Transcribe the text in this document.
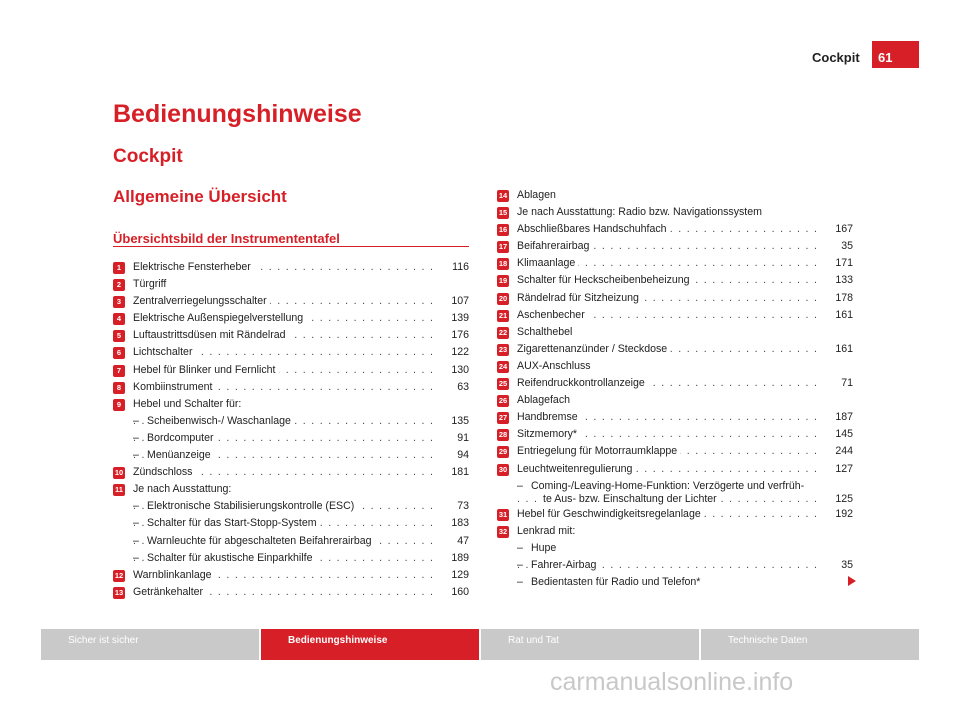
Cockpit	61
Bedienungshinweise
Cockpit
Allgemeine Übersicht
Übersichtsbild der Instrumententafel
1 . . .	Elektrische Fensterheber	116
2	Türgriff
3 . . .	Zentralverriegelungsschalter	107
4 . . .	Elektrische Außenspiegelverstellung	139
5 . . .	Luftaustrittsdüsen mit Rändelrad	176
6 . . .	Lichtschalter	122
7 . . .	Hebel für Blinker und Fernlicht	130
8 . . .	Kombiinstrument	63
9	Hebel und Schalter für:
. . .
– Scheibenwisch-/ Waschanlage	135
. . .
– Bordcomputer	91
. . .
– Menüanzeige	94
10 . . . Zündschloss	181
11 Je nach Ausstattung:
. . .
– Elektronische Stabilisierungskontrolle (ESC)	73
. . .
– Schalter für das Start-Stopp-System	183
. . .
– Warnleuchte für abgeschalteten Beifahrerairbag	47
. . .
– Schalter für akustische Einparkhilfe	189
12 . . . Warnblinkanlage	129
13 . . . Getränkehalter	160
14 Ablagen
15 Je nach Ausstattung: Radio bzw. Navigationssystem
16 . . . Abschließbares Handschuhfach	167
17 . . . Beifahrerairbag	35
18 . . . Klimaanlage	171
19 . . . Schalter für Heckscheibenbeheizung	133
20 . . . Rändelrad für Sitzheizung	178
21 . . . Aschenbecher	161
22 Schalthebel
23 . . . Zigarettenanzünder / Steckdose	161
24 AUX-Anschluss
25 . . . Reifendruckkontrollanzeige	71
26 Ablagefach
27 . . . Handbremse	187
28 . . . Sitzmemory*	145
29 . . . Entriegelung für Motorraumklappe	244
30 . . . Leuchtweitenregulierung	127
. . .
– Coming-/Leaving-Home-Funktion: Verzögerte und verfrüh-
te Aus- bzw. Einschaltung der Lichter	125
31 . . . Hebel für Geschwindigkeitsregelanlage	192
32 Lenkrad mit:
– Hupe
. . .
– Fahrer-Airbag	35
– Bedientasten für Radio und Telefon*
Sicher ist sicher	Bedienungshinweise	Rat und Tat	Technische Daten
carmanualsonline.info
